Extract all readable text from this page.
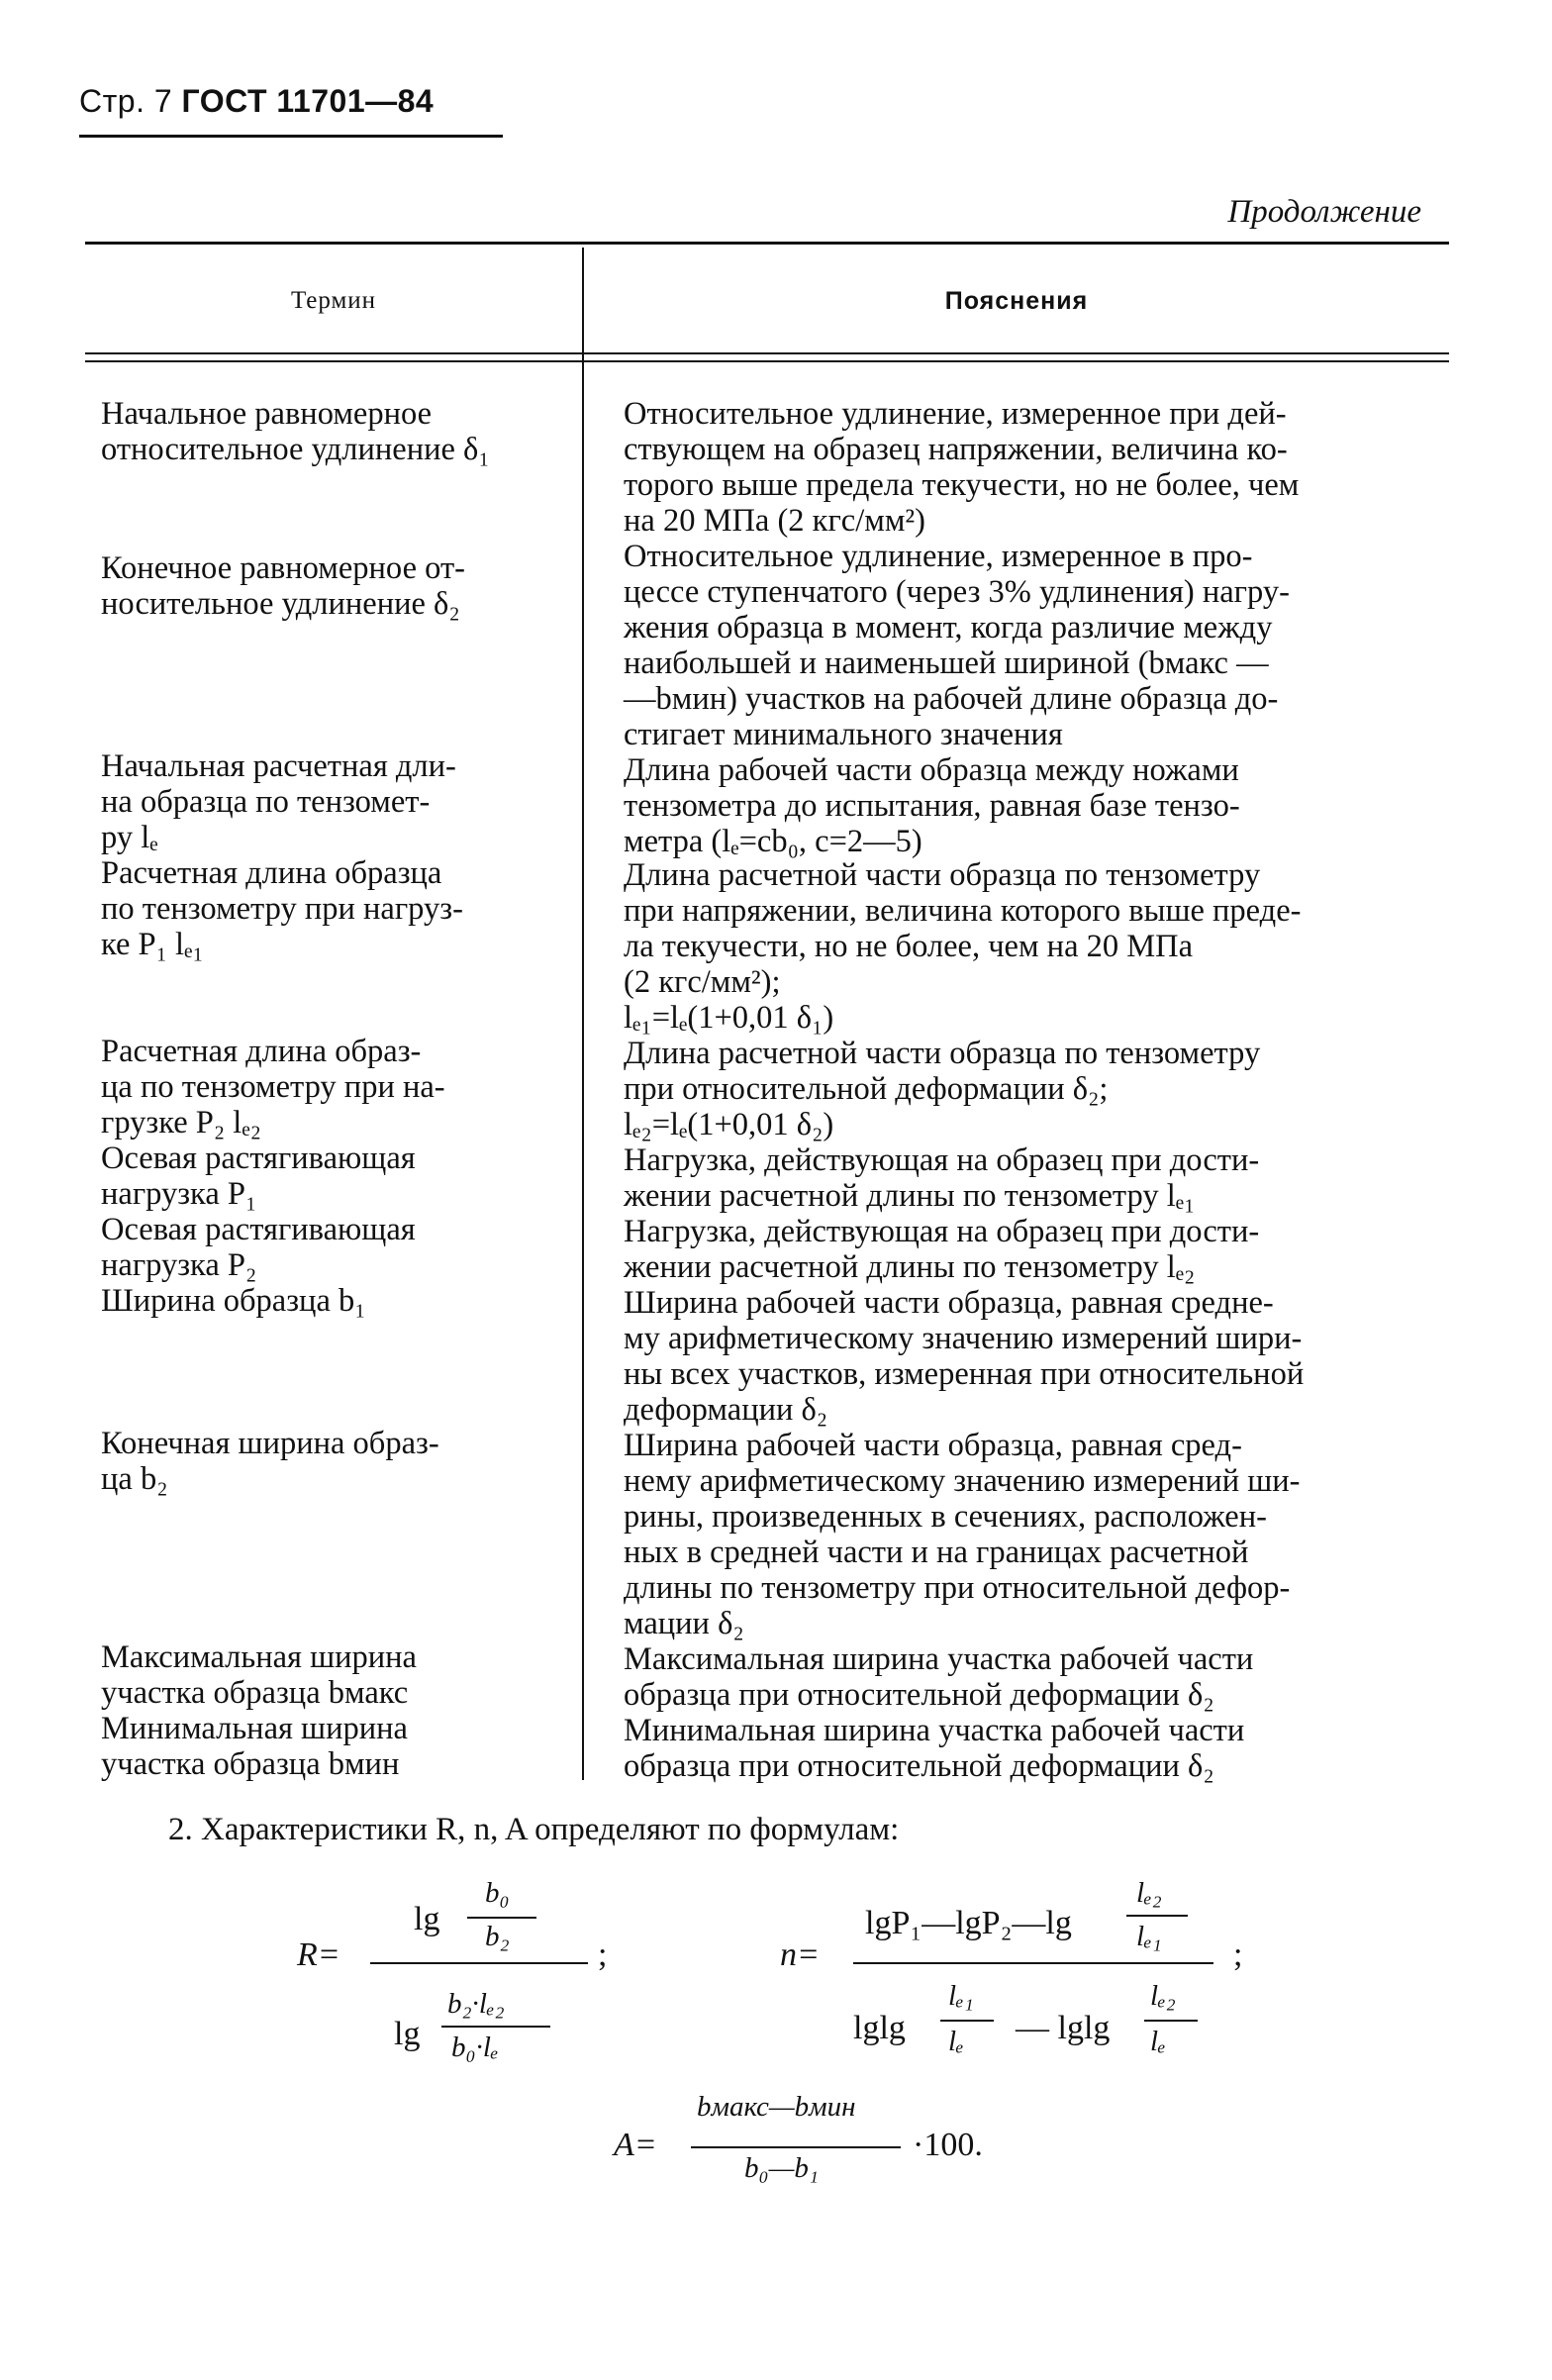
Стр. 7 ГОСТ 11701—84
Продолжение
Термин	Пояснения
Начальное равномерное
относительное удлинение δ₁
Конечное равномерное от-
носительное удлинение δ₂
Начальная расчетная дли-
на образца по тензомет-
ру lₑ
Расчетная длина образца
по тензометру при нагруз-
ке P₁ lₑ₁
Расчетная длина образ-
ца по тензометру при на-
грузке P₂ lₑ₂
Осевая растягивающая
нагрузка P₁
Осевая растягивающая
нагрузка P₂
Ширина образца b₁
Конечная ширина образ-
ца b₂
Максимальная ширина
участка образца bмакс
Минимальная ширина
участка образца bмин
Относительное удлинение, измеренное при дей-
ствующем на образец напряжении, величина ко-
торого выше предела текучести, но не более, чем
на 20 МПа (2 кгс/мм²)
Относительное удлинение, измеренное в про-
цессе ступенчатого (через 3% удлинения) нагру-
жения образца в момент, когда различие между
наибольшей и наименьшей шириной (bмакс —
—bмин) участков на рабочей длине образца до-
стигает минимального значения
Длина рабочей части образца между ножами
тензометра до испытания, равная базе тензо-
метра (lₑ=cb₀, c=2—5)
Длина расчетной части образца по тензометру
при напряжении, величина которого выше преде-
ла текучести, но не более, чем на 20 МПа
(2 кгс/мм²);
lₑ₁=lₑ(1+0,01 δ₁)
Длина расчетной части образца по тензометру
при относительной деформации δ₂;
lₑ₂=lₑ(1+0,01 δ₂)
Нагрузка, действующая на образец при дости-
жении расчетной длины по тензометру lₑ₁
Нагрузка, действующая на образец при дости-
жении расчетной длины по тензометру lₑ₂
Ширина рабочей части образца, равная средне-
му арифметическому значению измерений шири-
ны всех участков, измеренная при относительной
деформации δ₂
Ширина рабочей части образца, равная сред-
нему арифметическому значению измерений ши-
рины, произведенных в сечениях, расположен-
ных в средней части и на границах расчетной
длины по тензометру при относительной дефор-
мации δ₂
Максимальная ширина участка рабочей части
образца при относительной деформации δ₂
Минимальная ширина участка рабочей части
образца при относительной деформации δ₂
2. Характеристики R, n, A определяют по формулам:
R=
lg
b₀
b₂
lg
b₂·lₑ₂
b₀·lₑ
;	n=
lgP₁—lgP₂—lg
lₑ₂
lₑ₁
lglg
lₑ₁
lₑ — lglg
lₑ₂
lₑ
;
A=
bмакс—bмин
b₀—b₁
·100.
